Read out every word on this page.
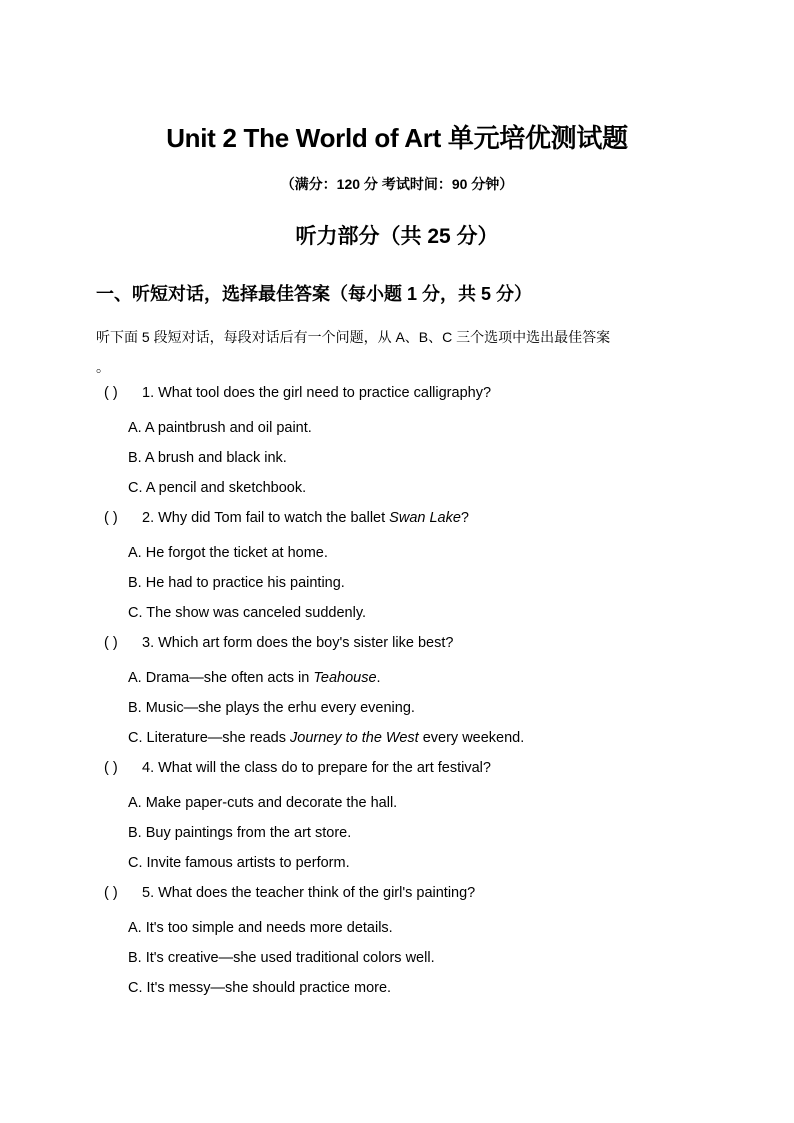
Unit 2 The World of Art 单元培优测试题
（满分：120 分 考试时间：90 分钟）
听力部分（共 25 分）
一、听短对话，选择最佳答案（每小题 1 分，共 5 分）
听下面 5 段短对话，每段对话后有一个问题，从 A、B、C 三个选项中选出最佳答案
。
( ) 1. What tool does the girl need to practice calligraphy?
A. A paintbrush and oil paint.
B. A brush and black ink.
C. A pencil and sketchbook.
( ) 2. Why did Tom fail to watch the ballet Swan Lake?
A. He forgot the ticket at home.
B. He had to practice his painting.
C. The show was canceled suddenly.
( ) 3. Which art form does the boy's sister like best?
A. Drama—she often acts in Teahouse.
B. Music—she plays the erhu every evening.
C. Literature—she reads Journey to the West every weekend.
( ) 4. What will the class do to prepare for the art festival?
A. Make paper-cuts and decorate the hall.
B. Buy paintings from the art store.
C. Invite famous artists to perform.
( ) 5. What does the teacher think of the girl's painting?
A. It's too simple and needs more details.
B. It's creative—she used traditional colors well.
C. It's messy—she should practice more.
